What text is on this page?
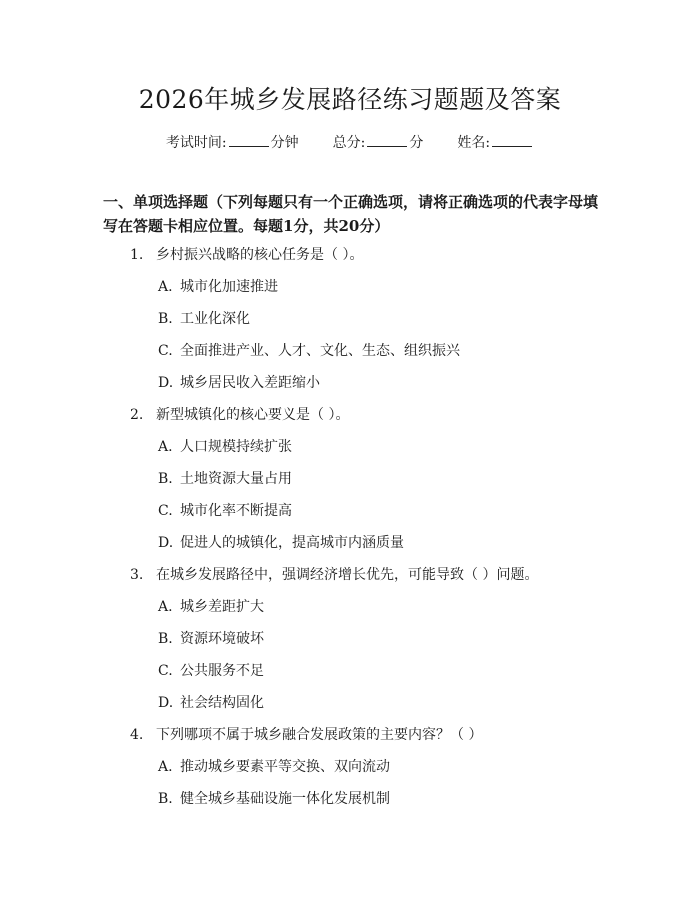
2026年城乡发展路径练习题题及答案
考试时间:	分钟 总分:	分 姓名:
一、单项选择题（下列每题只有一个正确选项，请将正确选项的代表字母填写在答题卡相应位置。每题1分，共20分）
1. 乡村振兴战略的核心任务是（ ）。
A. 城市化加速推进
B. 工业化深化
C. 全面推进产业、人才、文化、生态、组织振兴
D. 城乡居民收入差距缩小
2. 新型城镇化的核心要义是（ ）。
A. 人口规模持续扩张
B. 土地资源大量占用
C. 城市化率不断提高
D. 促进人的城镇化，提高城市内涵质量
3. 在城乡发展路径中，强调经济增长优先，可能导致（ ）问题。
A. 城乡差距扩大
B. 资源环境破坏
C. 公共服务不足
D. 社会结构固化
4. 下列哪项不属于城乡融合发展政策的主要内容？（ ）
A. 推动城乡要素平等交换、双向流动
B. 健全城乡基础设施一体化发展机制
